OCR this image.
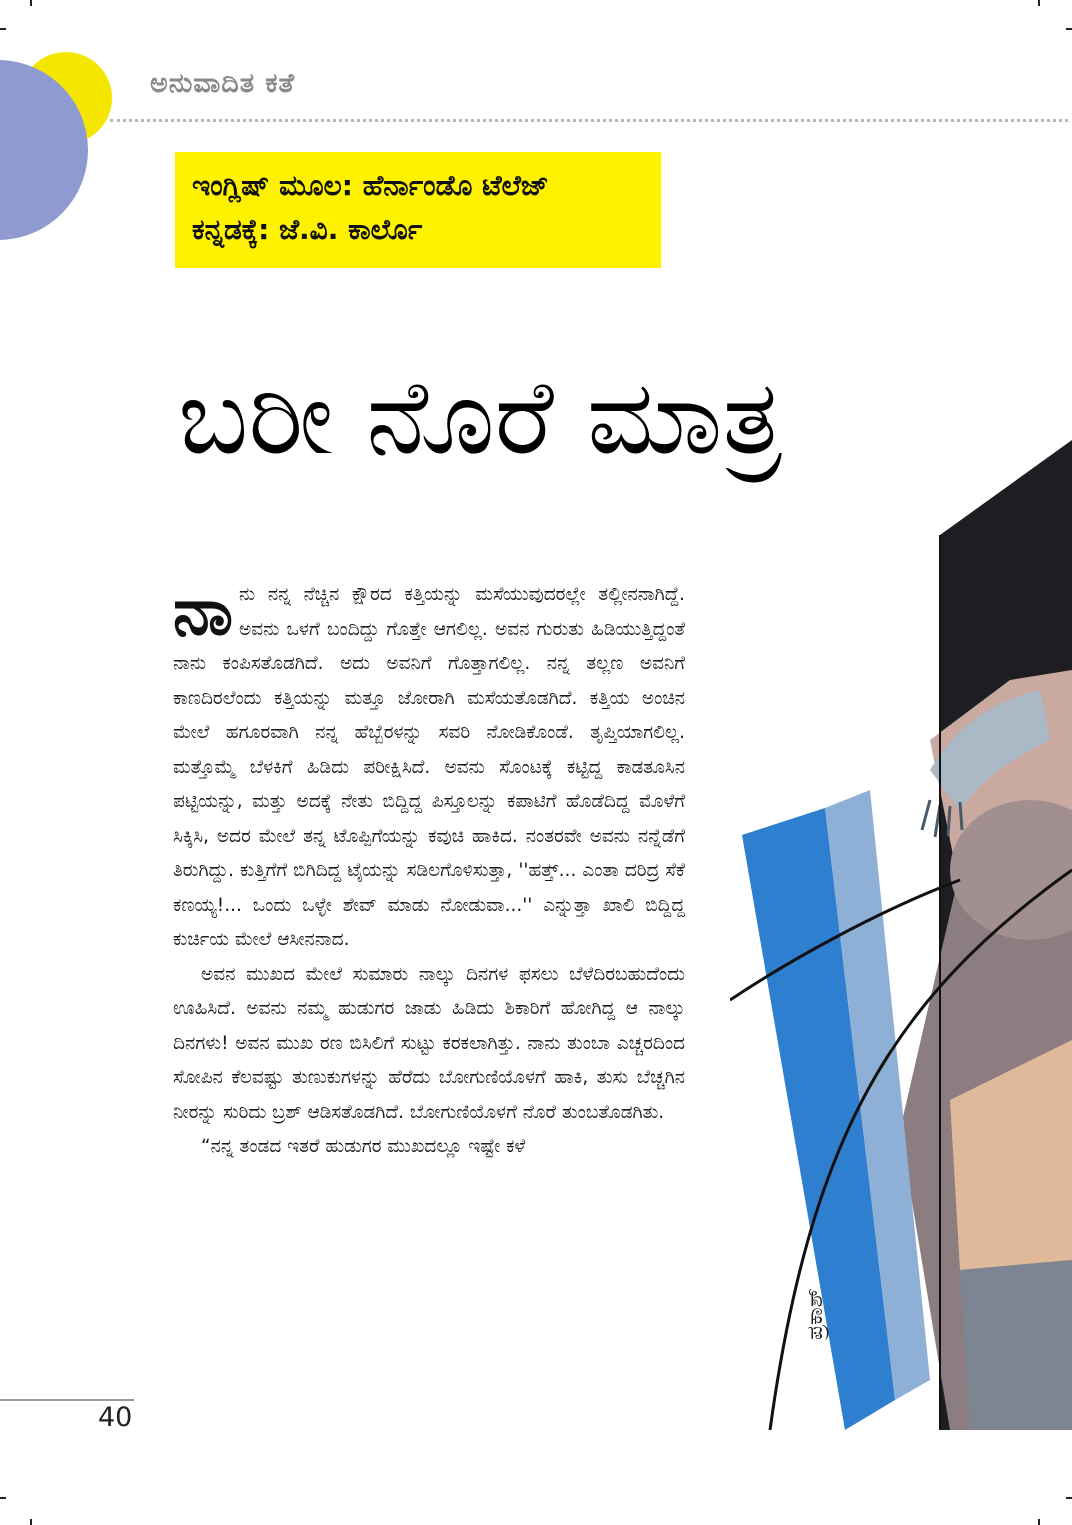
ಅನುವಾದಿತ ಕತೆ
ಇಂಗ್ಲಿಷ್ ಮೂಲ: ಹೆರ್ನಾಂಡೊ ಟೆಲೆಜ್
ಕನ್ನಡಕ್ಕೆ: ಜೆ.ವಿ. ಕಾರ್ಲೊ
ಬರೀ ನೊರೆ ಮಾತ್ರ
ಪ್ರಕಾಶ್

ನಾನು ನನ್ನ ನೆಚ್ಚಿನ ಕ್ಷೌರದ ಕತ್ತಿಯನ್ನು ಮಸೆಯುವುದರಲ್ಲೇ ತಲ್ಲೀನನಾಗಿದ್ದೆ. ಅವನು ಒಳಗೆ ಬಂದಿದ್ದು ಗೊತ್ತೇ ಆಗಲಿಲ್ಲ. ಅವನ ಗುರುತು ಹಿಡಿಯುತ್ತಿದ್ದಂತೆ ನಾನು ಕಂಪಿಸತೊಡಗಿದೆ. ಅದು ಅವನಿಗೆ ಗೊತ್ತಾಗಲಿಲ್ಲ. ನನ್ನ ತಲ್ಲಣ ಅವನಿಗೆ ಕಾಣದಿರಲೆಂದು ಕತ್ತಿಯನ್ನು ಮತ್ತೂ ಜೋರಾಗಿ ಮಸೆಯತೊಡಗಿದೆ. ಕತ್ತಿಯ ಅಂಚಿನ ಮೇಲೆ ಹಗೂರವಾಗಿ ನನ್ನ ಹೆಬ್ಬೆರಳನ್ನು ಸವರಿ ನೋಡಿಕೊಂಡೆ. ತೃಪ್ತಿಯಾಗಲಿಲ್ಲ. ಮತ್ತೊಮ್ಮೆ ಬೆಳಕಿಗೆ ಹಿಡಿದು ಪರೀಕ್ಷಿಸಿದೆ. ಅವನು ಸೊಂಟಕ್ಕೆ ಕಟ್ಟಿದ್ದ ಕಾಡತೂಸಿನ ಪಟ್ಟಿಯನ್ನು, ಮತ್ತು ಅದಕ್ಕೆ ನೇತು ಬಿದ್ದಿದ್ದ ಪಿಸ್ತೂಲನ್ನು ಕಪಾಟಿಗೆ ಹೊಡೆದಿದ್ದ ಮೊಳೆಗೆ ಸಿಕ್ಕಿಸಿ, ಅದರ ಮೇಲೆ ತನ್ನ ಟೊಪ್ಪಿಗೆಯನ್ನು ಕವುಚಿ ಹಾಕಿದ. ನಂತರವೇ ಅವನು ನನ್ನೆಡೆಗೆ ತಿರುಗಿದ್ದು. ಕುತ್ತಿಗೆಗೆ ಬಿಗಿದಿದ್ದ ಟೈಯನ್ನು ಸಡಿಲಗೊಳಿಸುತ್ತಾ, ''ಹತ್ತ್... ಎಂತಾ ದರಿದ್ರ ಸೆಕೆ ಕಣಯ್ಯ!... ಒಂದು ಒಳ್ಳೇ ಶೇವ್ ಮಾಡು ನೋಡುವಾ...'' ಎನ್ನುತ್ತಾ ಖಾಲಿ ಬಿದ್ದಿದ್ದ ಕುರ್ಚಿಯ ಮೇಲೆ ಆಸೀನನಾದ.

ಅವನ ಮುಖದ ಮೇಲೆ ಸುಮಾರು ನಾಲ್ಕು ದಿನಗಳ ಫಸಲು ಬೆಳೆದಿರಬಹುದೆಂದು ಊಹಿಸಿದೆ. ಅವನು ನಮ್ಮ ಹುಡುಗರ ಜಾಡು ಹಿಡಿದು ಶಿಕಾರಿಗೆ ಹೋಗಿದ್ದ ಆ ನಾಲ್ಕು ದಿನಗಳು! ಅವನ ಮುಖ ರಣ ಬಿಸಿಲಿಗೆ ಸುಟ್ಟು ಕರಕಲಾಗಿತ್ತು. ನಾನು ತುಂಬಾ ಎಚ್ಚರದಿಂದ ಸೋಪಿನ ಕೆಲವಷ್ಟು ತುಣುಕುಗಳನ್ನು ಹೆರೆದು ಬೋಗುಣಿಯೊಳಗೆ ಹಾಕಿ, ತುಸು ಬೆಚ್ಚಗಿನ ನೀರನ್ನು ಸುರಿದು ಬ್ರಶ್ ಆಡಿಸತೊಡಗಿದೆ. ಬೋಗುಣಿಯೊಳಗೆ ನೊರೆ ತುಂಬತೊಡಗಿತು.

“ನನ್ನ ತಂಡದ ಇತರೆ ಹುಡುಗರ ಮುಖದಲ್ಲೂ ಇಷ್ಟೇ ಕಳೆ

40
